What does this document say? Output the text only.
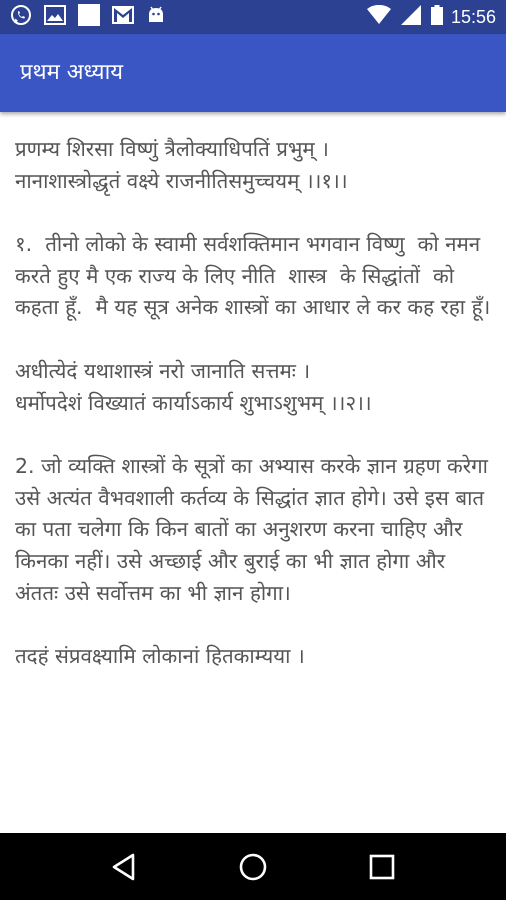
15:56
प्रथम अध्याय

प्रणम्य शिरसा विष्णुं त्रैलोक्याधिपतिं प्रभुम् ।
नानाशास्त्रोद्धृतं वक्ष्ये राजनीतिसमुच्चयम् ।।१।।

१.  तीनो लोको के स्वामी सर्वशक्तिमान भगवान विष्णु  को नमन करते हुए मै एक राज्य के लिए नीति  शास्त्र  के सिद्धांतों  को कहता हूँ.  मै यह सूत्र अनेक शास्त्रों का आधार ले कर कह रहा हूँ।

अधीत्येदं यथाशास्त्रं नरो जानाति सत्तमः ।
धर्मोपदेशं विख्यातं कार्याऽकार्य शुभाऽशुभम् ।।२।।

2. जो व्यक्ति शास्त्रों के सूत्रों का अभ्यास करके ज्ञान ग्रहण करेगा उसे अत्यंत वैभवशाली कर्तव्य के सिद्धांत ज्ञात होगे। उसे इस बात का पता चलेगा कि किन बातों का अनुशरण करना चाहिए और किनका नहीं। उसे अच्छाई और बुराई का भी ज्ञात होगा और अंततः उसे सर्वोत्तम का भी ज्ञान होगा।

तदहं संप्रवक्ष्यामि लोकानां हितकाम्यया ।
